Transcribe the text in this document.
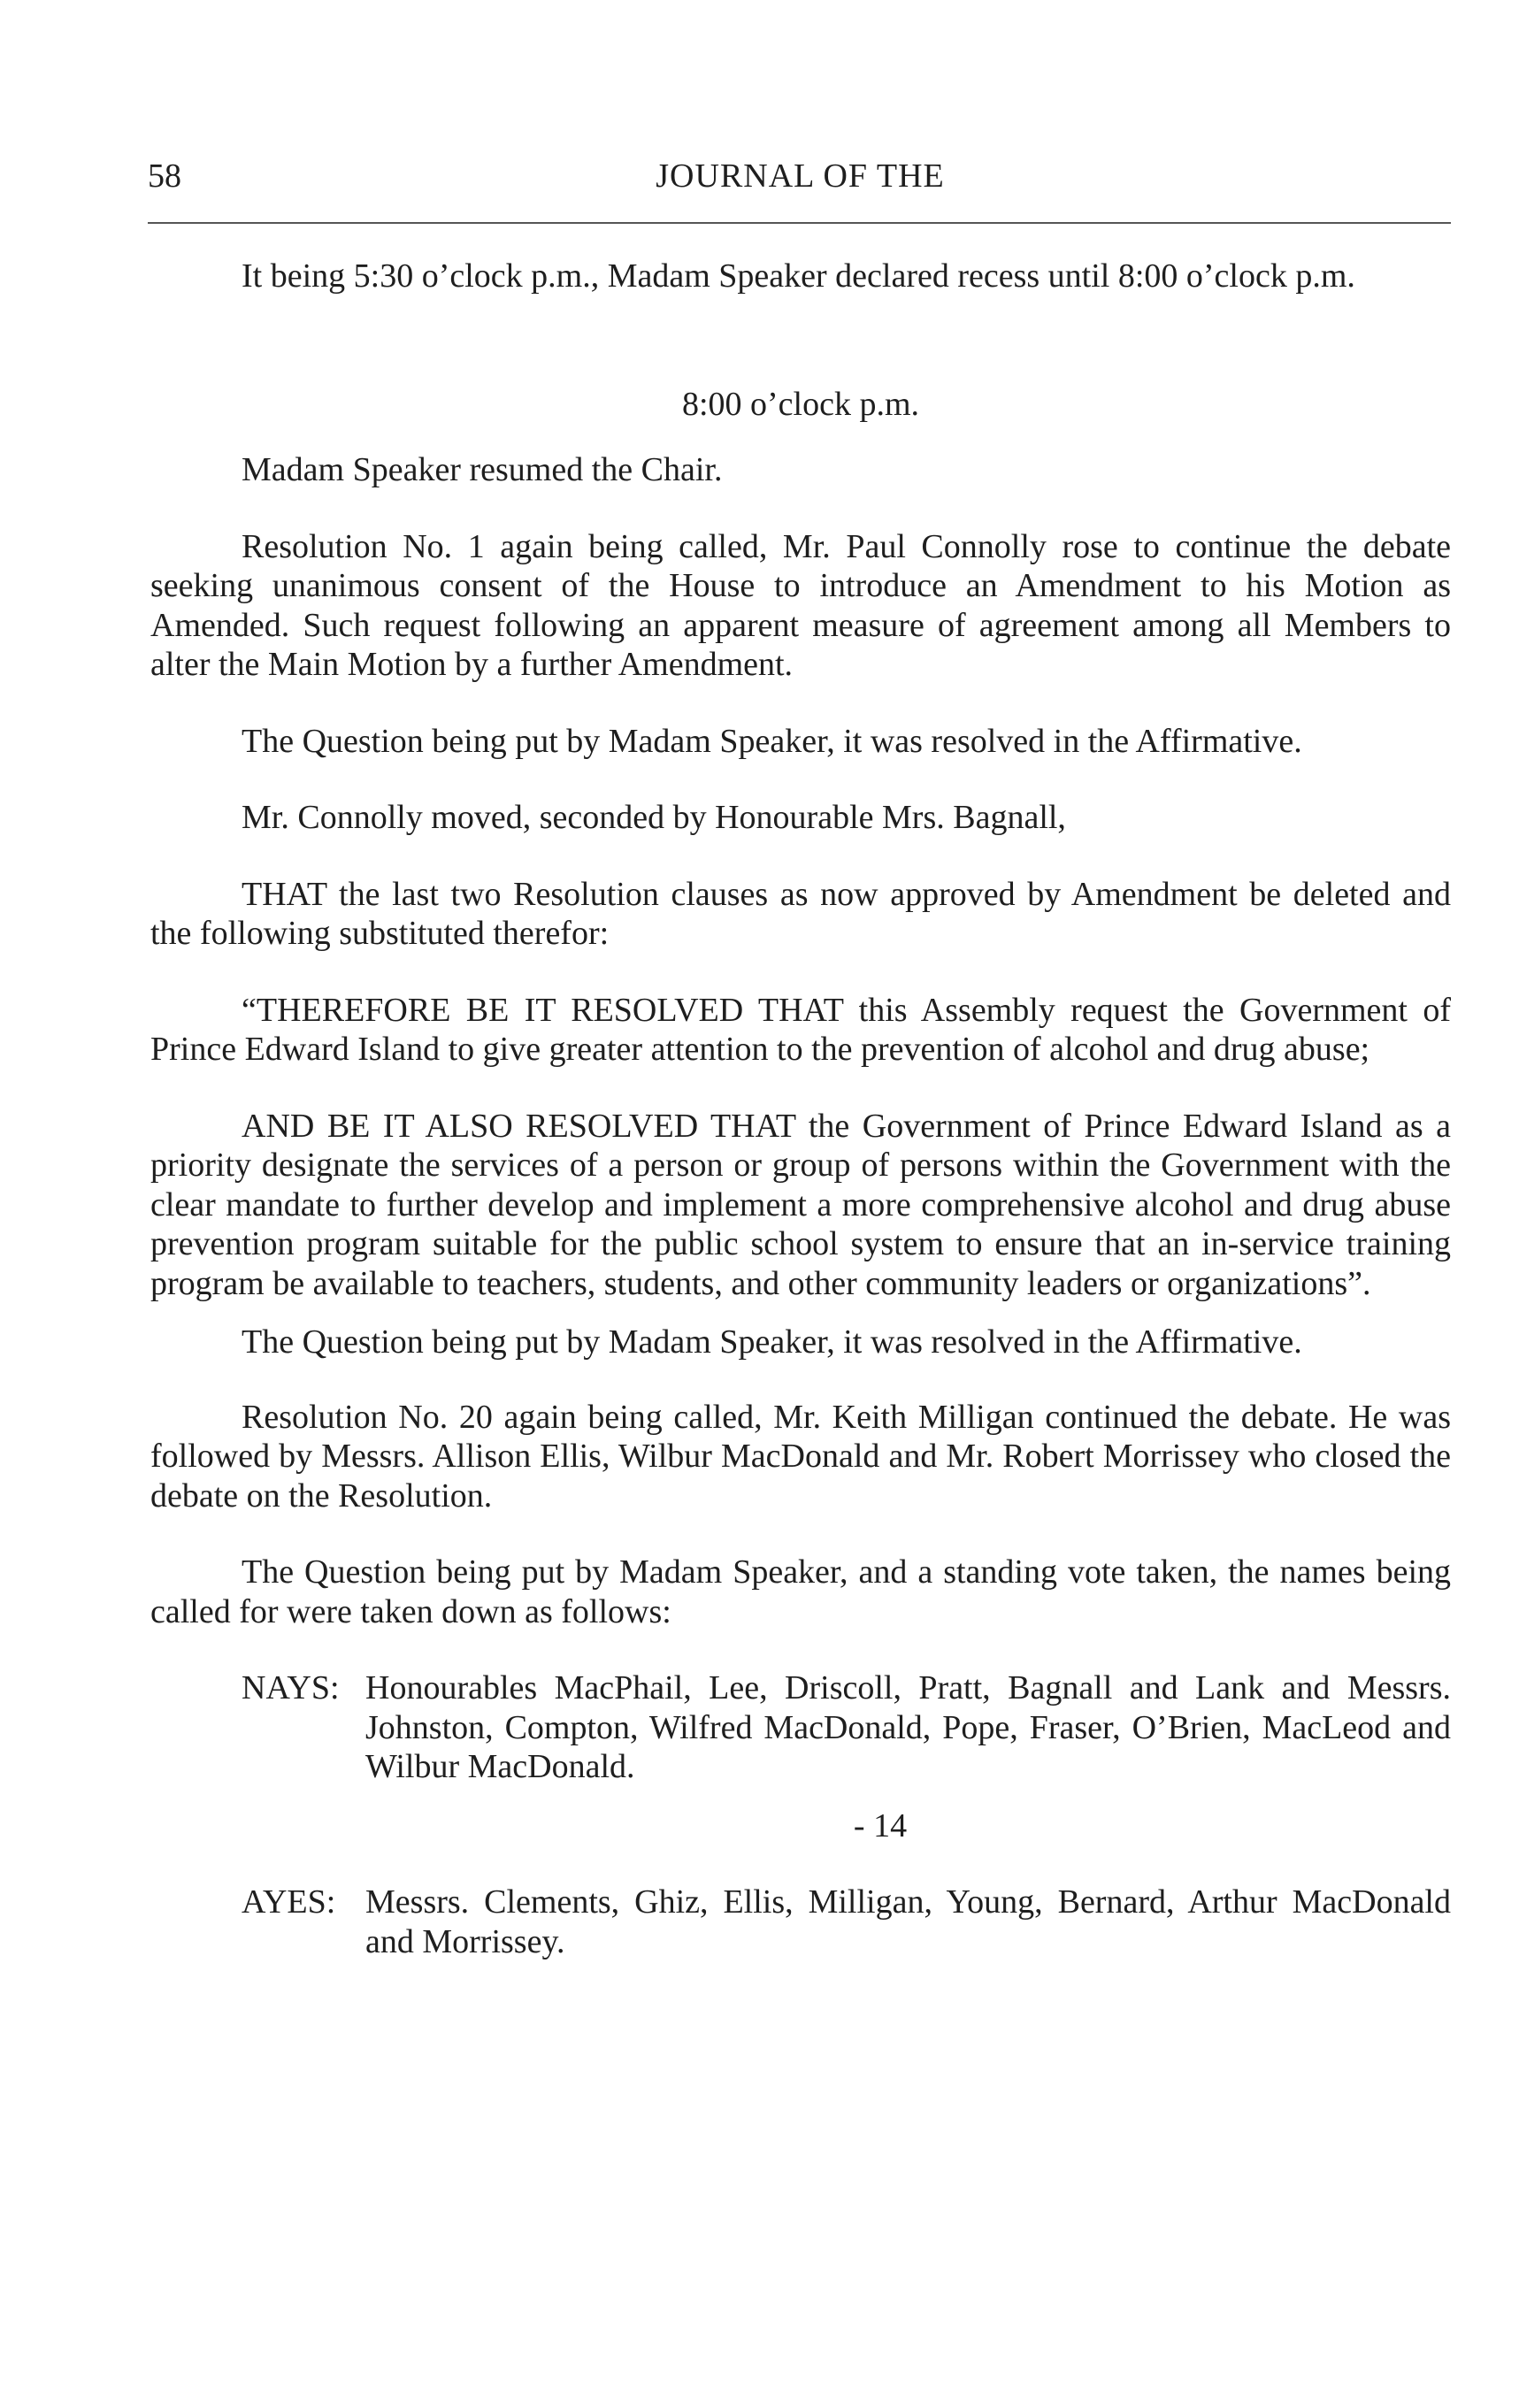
58	JOURNAL OF THE

It being 5:30 o’clock p.m., Madam Speaker declared recess until 8:00 o’clock p.m.

8:00 o’clock p.m.

Madam Speaker resumed the Chair.

Resolution No. 1 again being called, Mr. Paul Connolly rose to continue the debate seeking unanimous consent of the House to introduce an Amendment to his Motion as Amended. Such request following an apparent measure of agreement among all Members to alter the Main Motion by a further Amendment.

The Question being put by Madam Speaker, it was resolved in the Affirmative.

Mr. Connolly moved, seconded by Honourable Mrs. Bagnall,

THAT the last two Resolution clauses as now approved by Amendment be deleted and the following substituted therefor:

“THEREFORE BE IT RESOLVED THAT this Assembly request the Government of Prince Edward Island to give greater attention to the prevention of alcohol and drug abuse;

AND BE IT ALSO RESOLVED THAT the Government of Prince Edward Island as a priority designate the services of a person or group of persons within the Government with the clear mandate to further develop and implement a more comprehensive alcohol and drug abuse prevention program suitable for the public school system to ensure that an in-service training program be available to teachers, students, and other community leaders or organizations”.

The Question being put by Madam Speaker, it was resolved in the Affirmative.

Resolution No. 20 again being called, Mr. Keith Milligan continued the debate. He was followed by Messrs. Allison Ellis, Wilbur MacDonald and Mr. Robert Morrissey who closed the debate on the Resolution.

The Question being put by Madam Speaker, and a standing vote taken, the names being called for were taken down as follows:

NAYS: Honourables MacPhail, Lee, Driscoll, Pratt, Bagnall and Lank and Messrs. Johnston, Compton, Wilfred MacDonald, Pope, Fraser, O’Brien, MacLeod and Wilbur MacDonald.

- 14

AYES: Messrs. Clements, Ghiz, Ellis, Milligan, Young, Bernard, Arthur MacDonald and Morrissey.
